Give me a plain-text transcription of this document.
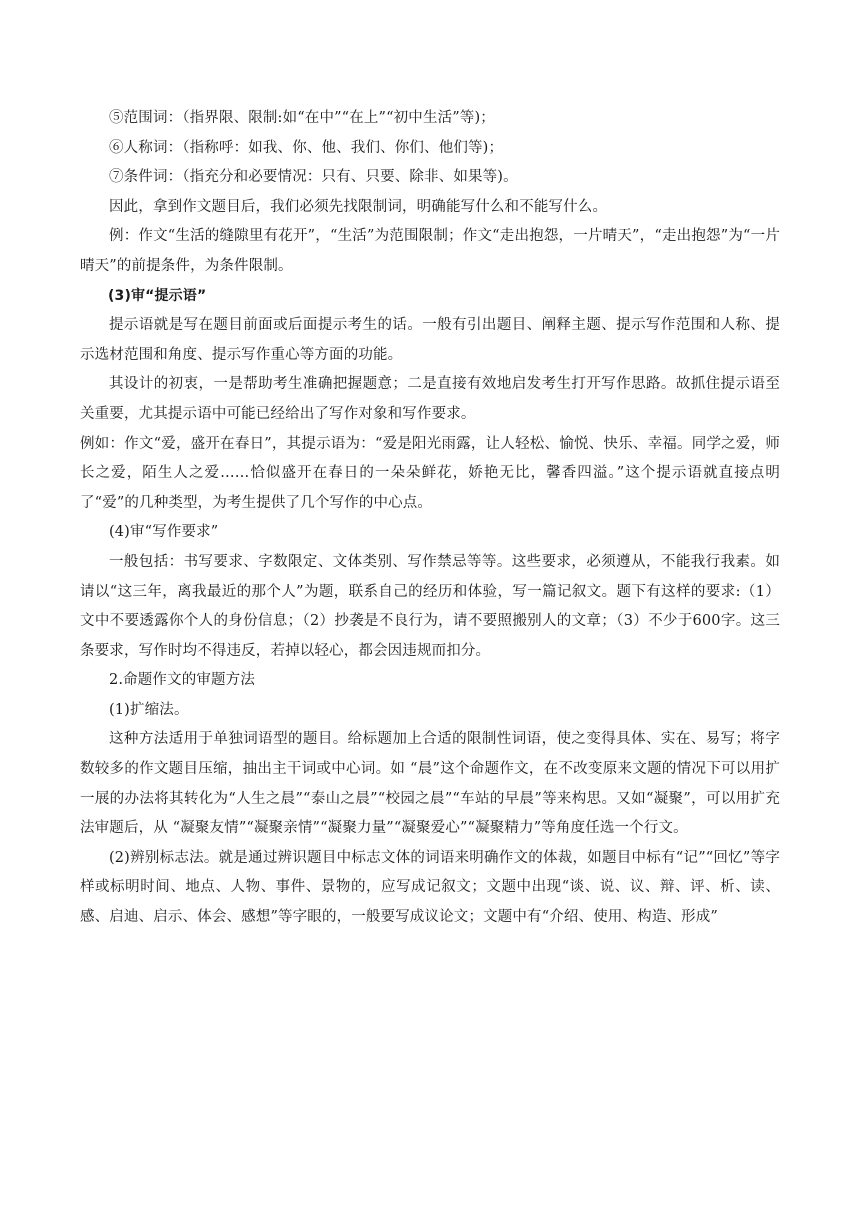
⑤范围词：（指界限、限制:如“在中”“在上”“初中生活”等)；

⑥人称词：（指称呼：如我、你、他、我们、你们、他们等)；

⑦条件词：（指充分和必要情况：只有、只要、除非、如果等)。

因此，拿到作文题目后，我们必须先找限制词，明确能写什么和不能写什么。

例：作文“生活的缝隙里有花开”，“生活”为范围限制；作文“走出抱怨，一片晴天”，“走出抱怨”为“一片晴天”的前提条件，为条件限制。

(3)审“提示语”

提示语就是写在题目前面或后面提示考生的话。一般有引出题目、阐释主题、提示写作范围和人称、提示选材范围和角度、提示写作重心等方面的功能。

其设计的初衷，一是帮助考生准确把握题意；二是直接有效地启发考生打开写作思路。故抓住提示语至关重要，尤其提示语中可能已经给出了写作对象和写作要求。

例如：作文“爱，盛开在春日”，其提示语为：“爱是阳光雨露，让人轻松、愉悦、快乐、幸福。同学之爱，师长之爱，陌生人之爱……恰似盛开在春日的一朵朵鲜花，娇艳无比，馨香四溢。”这个提示语就直接点明了“爱”的几种类型，为考生提供了几个写作的中心点。

(4)审“写作要求”

一般包括：书写要求、字数限定、文体类别、写作禁忌等等。这些要求，必须遵从，不能我行我素。如请以“这三年，离我最近的那个人”为题，联系自己的经历和体验，写一篇记叙文。题下有这样的要求:（1）文中不要透露你个人的身份信息；（2）抄袭是不良行为，请不要照搬别人的文章；（3）不少于600字。这三条要求，写作时均不得违反，若掉以轻心，都会因违规而扣分。

2.命题作文的审题方法

(1)扩缩法。

这种方法适用于单独词语型的题目。给标题加上合适的限制性词语，使之变得具体、实在、易写；将字数较多的作文题目压缩，抽出主干词或中心词。如 “晨”这个命题作文，在不改变原来文题的情况下可以用扩一展的办法将其转化为“人生之晨”“泰山之晨”“校园之晨”“车站的早晨”等来构思。又如“凝聚”，可以用扩充法审题后，从 “凝聚友情”“凝聚亲情”“凝聚力量”“凝聚爱心”“凝聚精力”等角度任选一个行文。

(2)辨别标志法。就是通过辨识题目中标志文体的词语来明确作文的体裁，如题目中标有“记”“回忆”等字样或标明时间、地点、人物、事件、景物的，应写成记叙文；文题中出现“谈、说、议、辩、评、析、读、感、启迪、启示、体会、感想”等字眼的，一般要写成议论文；文题中有“介绍、使用、构造、形成”
